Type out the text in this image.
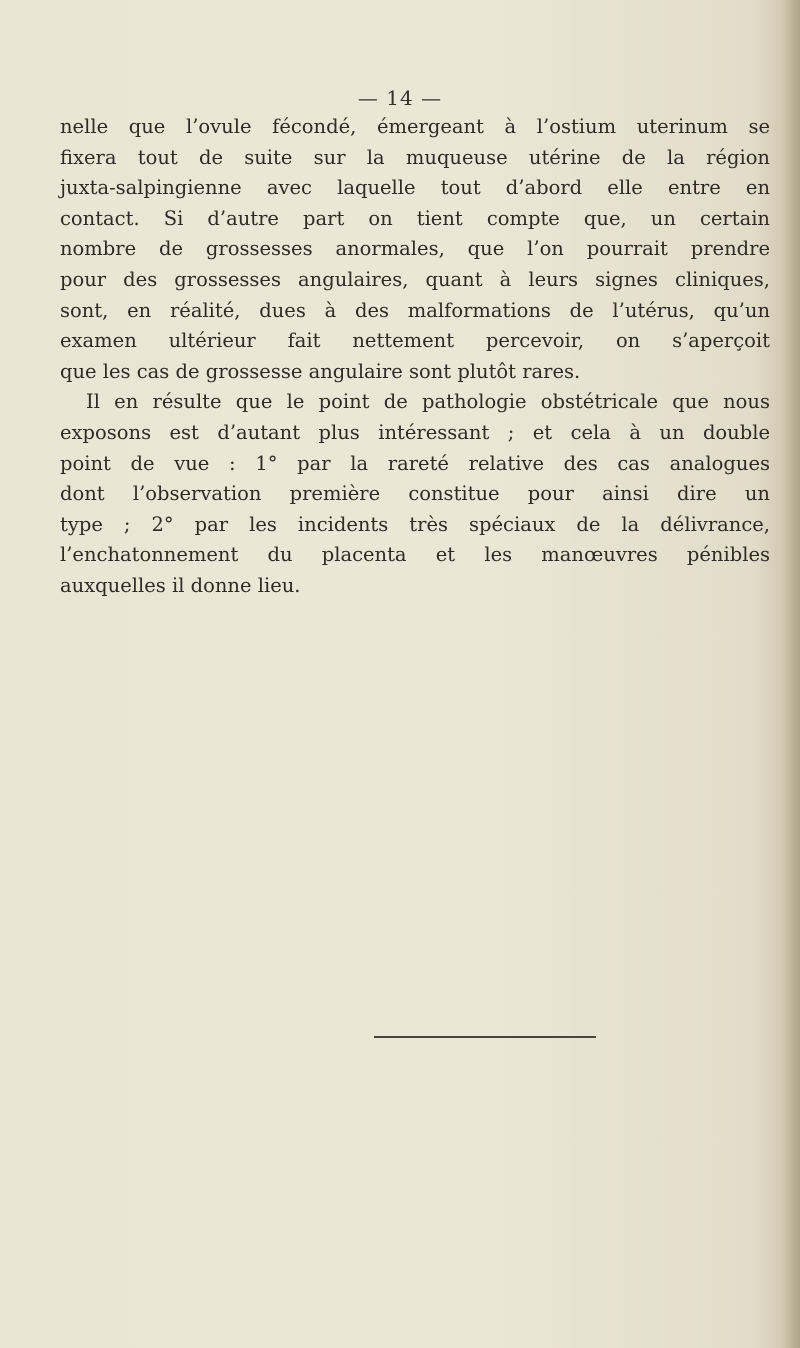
— 14 —
nelle que l’ovule fécondé, émergeant à l’ostium uterinum se
fixera tout de suite sur la muqueuse utérine de la région
juxta-salpingienne avec laquelle tout d’abord elle entre en
contact. Si d’autre part on tient compte que, un certain
nombre de grossesses anormales, que l’on pourrait prendre
pour des grossesses angulaires, quant à leurs signes cliniques,
sont, en réalité, dues à des malformations de l’utérus, qu’un
examen ultérieur fait nettement percevoir, on s’aperçoit
que les cas de grossesse angulaire sont plutôt rares.
Il en résulte que le point de pathologie obstétricale que nous
exposons est d’autant plus intéressant ; et cela à un double
point de vue : 1° par la rareté relative des cas analogues
dont l’observation première constitue pour ainsi dire un
type ; 2° par les incidents très spéciaux de la délivrance,
l’enchatonnement du placenta et les manœuvres pénibles
auxquelles il donne lieu.
